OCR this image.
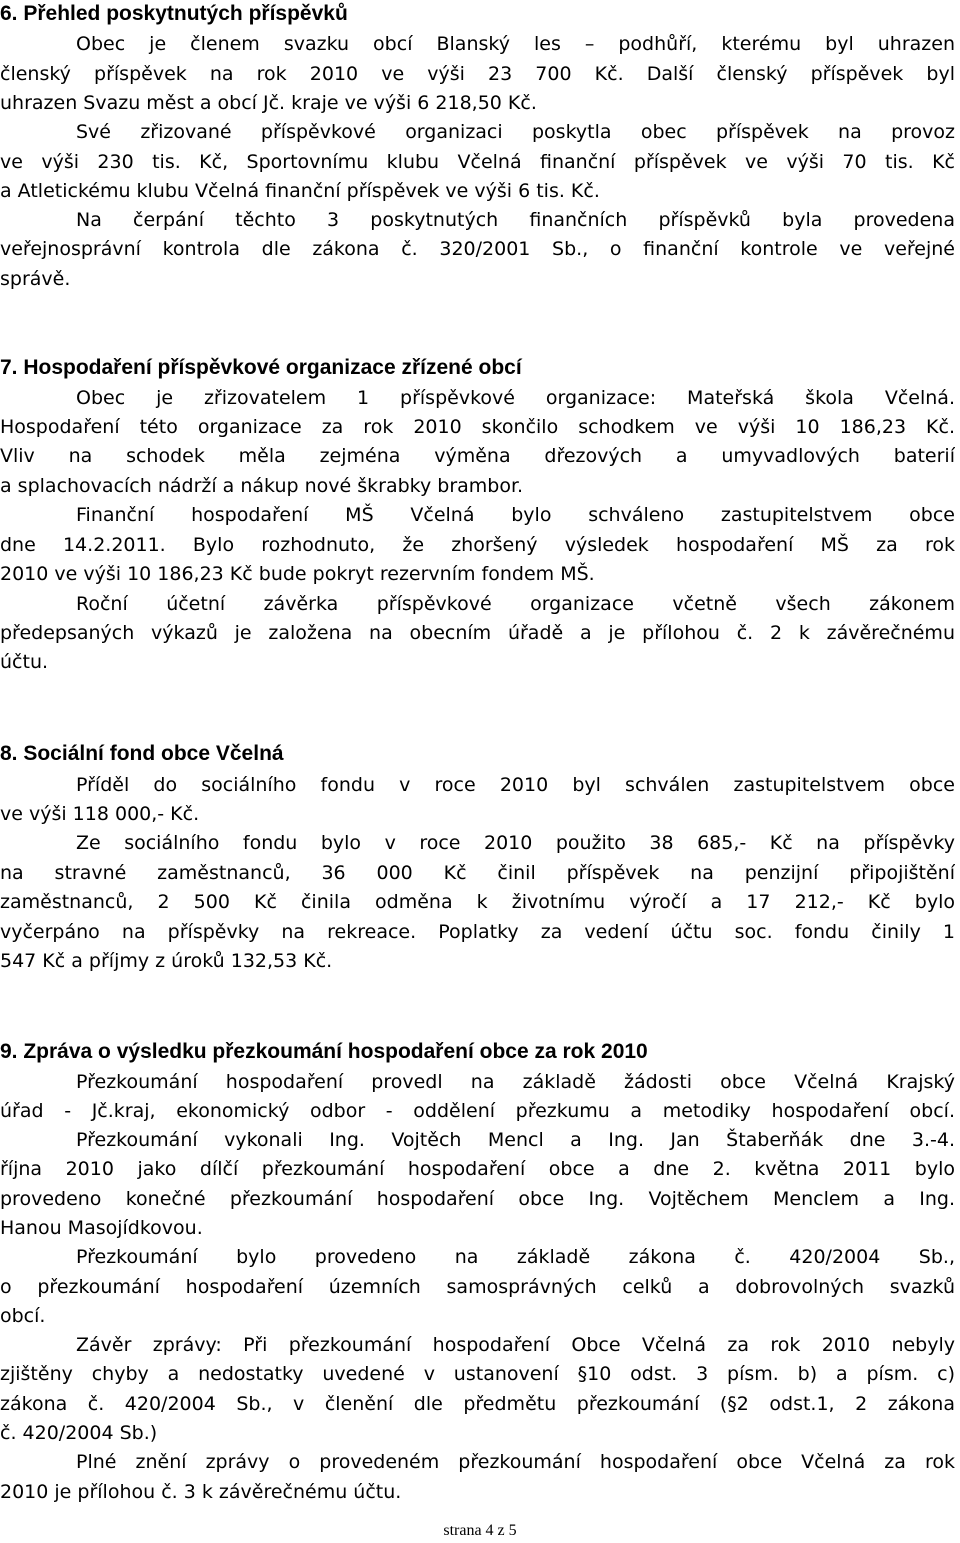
6. Přehled poskytnutých příspěvků
Obec je členem svazku obcí Blanský les – podhůří, kterému byl uhrazen
členský příspěvek na rok 2010 ve výši 23 700 Kč. Další členský příspěvek byl
uhrazen Svazu měst a obcí Jč. kraje ve výši 6 218,50 Kč.
Své zřizované příspěvkové organizaci poskytla obec příspěvek na provoz
ve výši 230 tis. Kč, Sportovnímu klubu Včelná finanční příspěvek ve výši 70 tis. Kč
a Atletickému klubu Včelná finanční příspěvek ve výši 6 tis. Kč.
Na čerpání těchto 3 poskytnutých finančních příspěvků byla provedena
veřejnosprávní kontrola dle zákona č. 320/2001 Sb., o finanční kontrole ve veřejné
správě.
7. Hospodaření příspěvkové organizace zřízené obcí
Obec je zřizovatelem 1 příspěvkové organizace: Mateřská škola Včelná.
Hospodaření této organizace za rok 2010 skončilo schodkem ve výši 10 186,23 Kč.
Vliv na schodek měla zejména výměna dřezových a umyvadlových baterií
a splachovacích nádrží a nákup nové škrabky brambor.
Finanční hospodaření MŠ Včelná bylo schváleno zastupitelstvem obce
dne 14.2.2011. Bylo rozhodnuto, že zhoršený výsledek hospodaření MŠ za rok
2010 ve výši 10 186,23 Kč bude pokryt rezervním fondem MŠ.
Roční účetní závěrka příspěvkové organizace včetně všech zákonem
předepsaných výkazů je založena na obecním úřadě a je přílohou č. 2 k závěrečnému
účtu.
8. Sociální fond obce Včelná
Příděl do sociálního fondu v roce 2010 byl schválen zastupitelstvem obce
ve výši 118 000,- Kč.
Ze sociálního fondu bylo v roce 2010 použito 38 685,- Kč na příspěvky
na stravné zaměstnanců, 36 000 Kč činil příspěvek na penzijní připojištění
zaměstnanců, 2 500 Kč činila odměna k životnímu výročí a 17 212,- Kč bylo
vyčerpáno na příspěvky na rekreace. Poplatky za vedení účtu soc. fondu činily 1
547 Kč a příjmy z úroků 132,53 Kč.
9. Zpráva o výsledku přezkoumání hospodaření obce za rok 2010
Přezkoumání hospodaření provedl na základě žádosti obce Včelná Krajský
úřad - Jč.kraj, ekonomický odbor - oddělení přezkumu a metodiky hospodaření obcí.
Přezkoumání vykonali Ing. Vojtěch Mencl a Ing. Jan Štaberňák dne 3.-4.
října 2010 jako dílčí přezkoumání hospodaření obce a dne 2. května 2011 bylo
provedeno konečné přezkoumání hospodaření obce Ing. Vojtěchem Menclem a Ing.
Hanou Masojídkovou.
Přezkoumání bylo provedeno na základě zákona č. 420/2004 Sb.,
o přezkoumání hospodaření územních samosprávných celků a dobrovolných svazků
obcí.
Závěr zprávy: Při přezkoumání hospodaření Obce Včelná za rok 2010 nebyly
zjištěny chyby a nedostatky uvedené v ustanovení §10 odst. 3 písm. b) a písm. c)
zákona č. 420/2004 Sb., v členění dle předmětu přezkoumání (§2 odst.1, 2 zákona
č. 420/2004 Sb.)
Plné znění zprávy o provedeném přezkoumání hospodaření obce Včelná za rok
2010 je přílohou č. 3 k závěrečnému účtu.
strana 4 z 5
